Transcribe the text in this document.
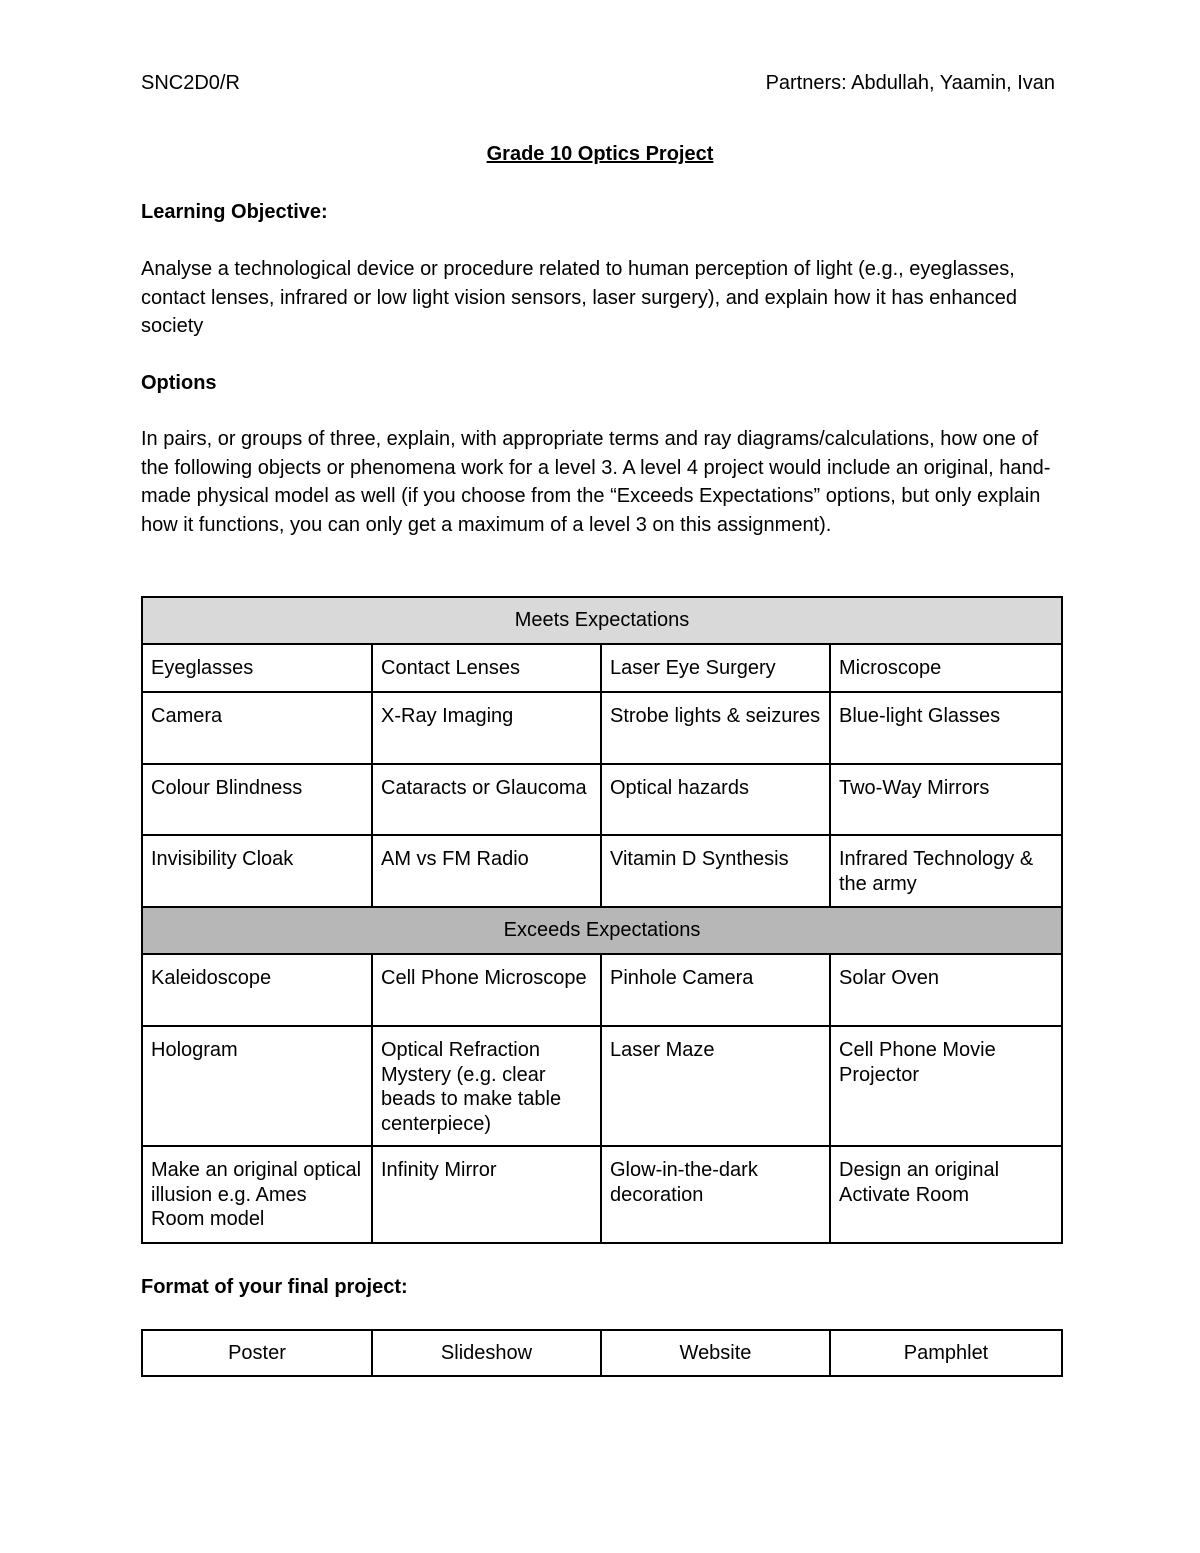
SNC2D0/R	Partners: Abdullah, Yaamin, Ivan
Grade 10 Optics Project
Learning Objective:
Analyse a technological device or procedure related to human perception of light (e.g., eyeglasses, contact lenses, infrared or low light vision sensors, laser surgery), and explain how it has enhanced society
Options
In pairs, or groups of three, explain, with appropriate terms and ray diagrams/calculations, how one of the following objects or phenomena work for a level 3. A level 4 project would include an original, hand-made physical model as well (if you choose from the “Exceeds Expectations” options, but only explain how it functions, you can only get a maximum of a level 3 on this assignment).
Meets Expectations			
Eyeglasses	Contact Lenses	Laser Eye Surgery	Microscope
Camera	X-Ray Imaging	Strobe lights & seizures	Blue-light Glasses
Colour Blindness	Cataracts or Glaucoma	Optical hazards	Two-Way Mirrors
Invisibility Cloak	AM vs FM Radio	Vitamin D Synthesis	Infrared Technology & the army
Exceeds Expectations			
Kaleidoscope	Cell Phone Microscope	Pinhole Camera	Solar Oven
Hologram	Optical Refraction Mystery (e.g. clear beads to make table centerpiece)	Laser Maze	Cell Phone Movie Projector
Make an original optical illusion e.g. Ames Room model	Infinity Mirror	Glow-in-the-dark decoration	Design an original Activate Room
Format of your final project:
Poster	Slideshow	Website	Pamphlet
